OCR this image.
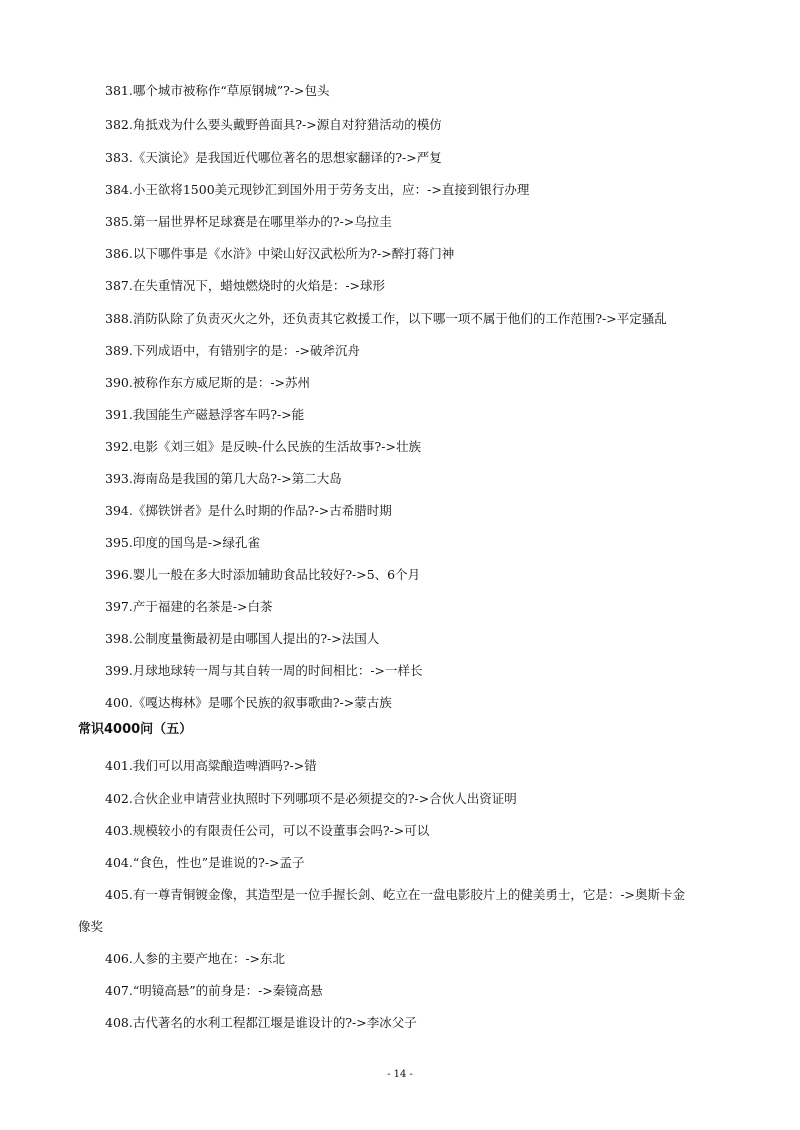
381.哪个城市被称作“草原钢城”?->包头
382.角抵戏为什么要头戴野兽面具?->源自对狩猎活动的模仿
383.《天演论》是我国近代哪位著名的思想家翻译的?->严复
384.小王欲将1500美元现钞汇到国外用于劳务支出，应：->直接到银行办理
385.第一届世界杯足球赛是在哪里举办的?->乌拉圭
386.以下哪件事是《水浒》中梁山好汉武松所为?->醉打蒋门神
387.在失重情况下，蜡烛燃烧时的火焰是：->球形
388.消防队除了负责灭火之外，还负责其它救援工作，以下哪一项不属于他们的工作范围?->平定骚乱
389.下列成语中，有错别字的是：->破斧沉舟
390.被称作东方威尼斯的是：->苏州
391.我国能生产磁悬浮客车吗?->能
392.电影《刘三姐》是反映-什么民族的生活故事?->壮族
393.海南岛是我国的第几大岛?->第二大岛
394.《掷铁饼者》是什么时期的作品?->古希腊时期
395.印度的国鸟是->绿孔雀
396.婴儿一般在多大时添加辅助食品比较好?->5、6个月
397.产于福建的名茶是->白茶
398.公制度量衡最初是由哪国人提出的?->法国人
399.月球地球转一周与其自转一周的时间相比：->一样长
400.《嘎达梅林》是哪个民族的叙事歌曲?->蒙古族
常识4000问（五）
401.我们可以用高粱酿造啤酒吗?->错
402.合伙企业申请营业执照时下列哪项不是必须提交的?->合伙人出资证明
403.规模较小的有限责任公司，可以不设董事会吗?->可以
404.“食色，性也”是谁说的?->孟子
405.有一尊青铜镀金像，其造型是一位手握长剑、屹立在一盘电影胶片上的健美勇士，它是：->奥斯卡金
像奖
406.人参的主要产地在：->东北
407.“明镜高悬”的前身是：->秦镜高悬
408.古代著名的水利工程都江堰是谁设计的?->李冰父子
- 14 -
